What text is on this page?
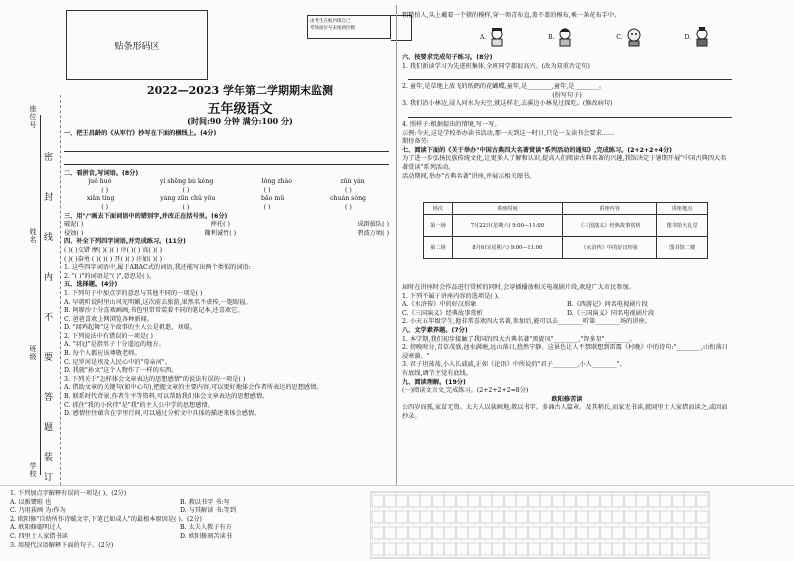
贴条形码区
由考生在框内填自己
考场座位号末尾两位数
2022—2023 学年第二学期期末监测
五年级语文
(时间:90 分钟 满分:100 分)
座位号
姓名
班级
学校
密
封
线
内
不
要
答
题
装
订
一、把王昌龄的《从军行》抄写在下面的横线上。(4分)
二、看拼音,写词语。(8分)
jué huó	yí shēng bù kěng	lǒng zhào	zūn yán
( )	( )	( )	( )
xiǎn tíng	yáng zūn chǔ yōu	bǎo mǔ	chuán sòng
( )	( )	( )	( )
三、用"/"画去下面词语中的错别字,并改正在括号里。(6分)
破泥( )	摔托( )	成群拔队( )
侵蚀( )	撕利诚竹( )	碧波万顷( )
四、补全下列四字词语,并完成练习。(11分)
( )( )交错 摩( )( )( ) 序( )( ) 真( )( )
( )( )奋勇 ( )( )( ) 开( )( ) 汗如( )( )
1. 这些四字词语中,属于ABAC式的词语,我还能写出两个类似的词语:
2. "( )"的词语是"( )",意思是( )。
五、选择题。(4分)
1. 下列句子中加点字的意思与其他不同的一项是( )
A. 早就听说阿里山风光明媚,这次前去旅游,果然名不虚传,一饱眼福。
B. 阿廖沙十分喜欢画画,书包里常常装着不同的笔记本,还喜欢它。
C. 爸爸喜欢上网浏览各种新闻。
D. "闻鸡起舞"这个故事的主人公是祖逖、刘琨。
2. 下列说法中有错误的一项是( )
A. "羽冠"是指男子十分遥远的地方。
B. 每个人都应该尊敬老师。
C. 尼罗河是埃及人民心中的"母亲河"。
D. 我就"孙文"这个人物作了一样的东西。
3. 下列关于"怎样体会文章表达的思想感情"的说法有误的一项是( )
A. 借助文章的关键句(如中心句),把握文章的主要内容,可以更好地体会作者所表达的思想感情。
B. 联系时代背景,作者生平等资料,可以帮助我们体会文章表达的思想感情。
C. 抓住"我的小伙伴"是"我"的主人公中学的思想感情。
D. 感情往往蕴含在字里行间,可以通过分析文中具体的描述来体会感情。
粗糙怕人,头上戴着一个猪的模样,穿一领青布直,盖不盖的模布,乘一条花布手中。
A.	B.	C.	D.
六、按要求完成句子练习。(8分)
1. 我们新读学习为先进班集体,全班同学都很高兴。(改为双重否定句)
2. 童年,是草地上放飞的纸鹤的花蝴蝶,童年,是________,童年,是________。
(扮写句子)
3. 我们沿小林边,浸入河水为天空,就这样走,去溪边小林见过探吃。(修改病句)
4. 照样子:根据提出的情境,写一写。
示例:今天,这是学校举办读书活动,那一天到这一时日,只是一支读书会要求……
期待备劳:
七、阅读下面的《关于举办"中国古典四大名著赏读"系列活动的通知》,完成练习。(2+2+2+4分)
为了进一步弘扬民族传统文化,让更多人了解和认识,提高人们阅读古典名著的兴趣,我馆决定于暑期开展"中国古典四大名著赏读"系列活动。
活动期间,举办"古典名著"讲座,并展示相关图书。
场次	讲座时间	讲座内容	讲座地点
第一场	7月22日(星期六) 9:00—11:00	《三国演义》经典故事赏析	图书馆大礼堂
第二场	8月6日(星期六) 9:00—11:00	《水浒传》中的好汉形象	图书馆二楼
届时在讲座时会作品进行赏析的同时,会穿插播放相关电视剧片段,欢迎广大市民参加。
1. 下列不属于讲座内容的选项是( )。
A.《水浒传》中的好汉形象	B.《西游记》同名电视剧片段
C.《三国演义》经典故事赏析	D.《三国演义》同名电视剧片段
2. 小天五年级学生,他非常喜欢四大名著,参加后,能可以去________听第________场的讲座。
八、文学素养题。(7分)
1. 本学期,我们初步接触了我国的四大古典名著"黑旋风"________,"智多星"________。
2. 傍晚时分,青草茂盛,池水满塘,远山落日,悠然宁静。这景色让人不禁联想到雷震《村晚》中的诗句:"________,山衔落日浸寒漪。"
3. 君子坦荡荡,小人长戚戚,正如《论语》中所说的"君子________,小人________"。
有底线,调节主觉有底线。
九、阅读理解。(19分)
(一)阅读文言文,完成练习。(2+2+2+2=8分)
欧阳修苦读
公四岁而孤,家贫无资。太夫人以荻画地,教以书字。多诵古人篇章。及其稍长,而家无书读,就闾里士人家借而读之,或因而抄录。
1. 下列加点字解释有误的一项是( )。(2分)
A. 以贩鹭畦 也	B. 教以书字 书:写
C. 乃用荻画 为:作为	D. 与其解读 书:等到
2. 欧阳修"自幼所作诗赋文字,下笔已如成人"的最根本原因是( )。(2分)
A. 欧阳修聪明过人	B. 太夫人教子有方
C. 四里士人家借书读	D. 欧阳修刻苦读书
3. 用现代汉语解释下面的句子。(2分)
